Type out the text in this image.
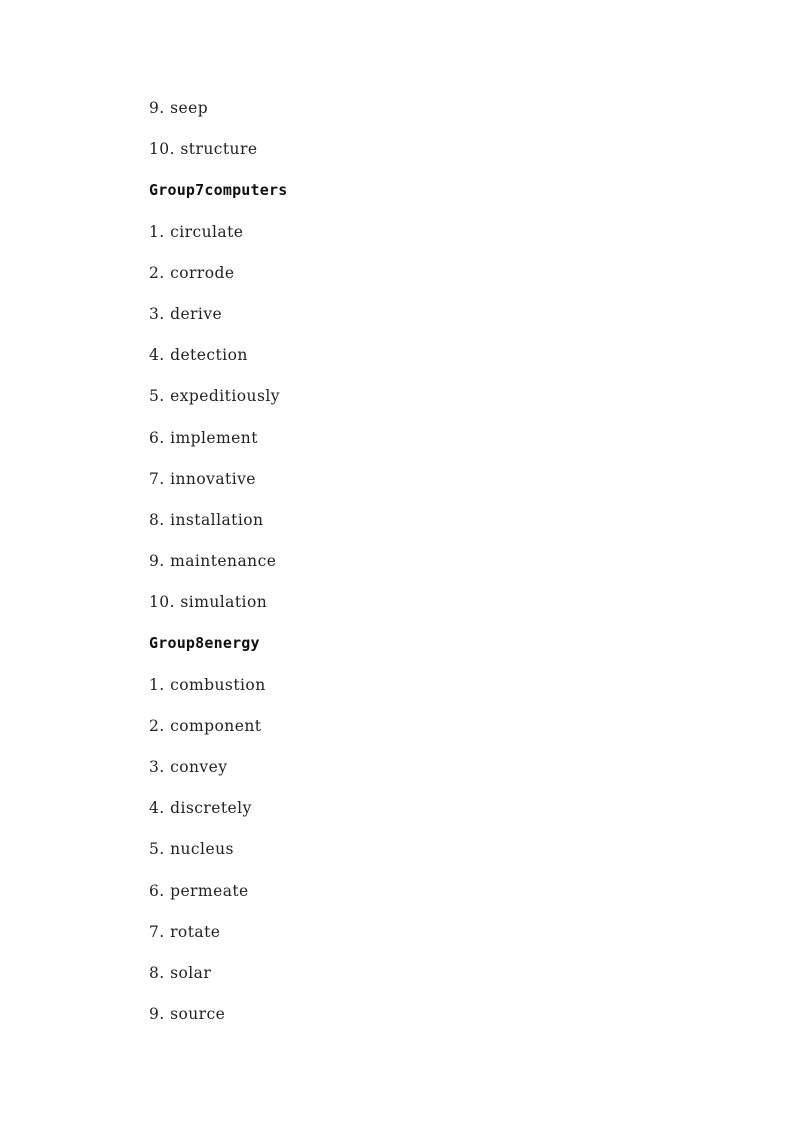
9. seep
10. structure
Group7computers
1. circulate
2. corrode
3. derive
4. detection
5. expeditiously
6. implement
7. innovative
8. installation
9. maintenance
10. simulation
Group8energy
1. combustion
2. component
3. convey
4. discretely
5. nucleus
6. permeate
7. rotate
8. solar
9. source
